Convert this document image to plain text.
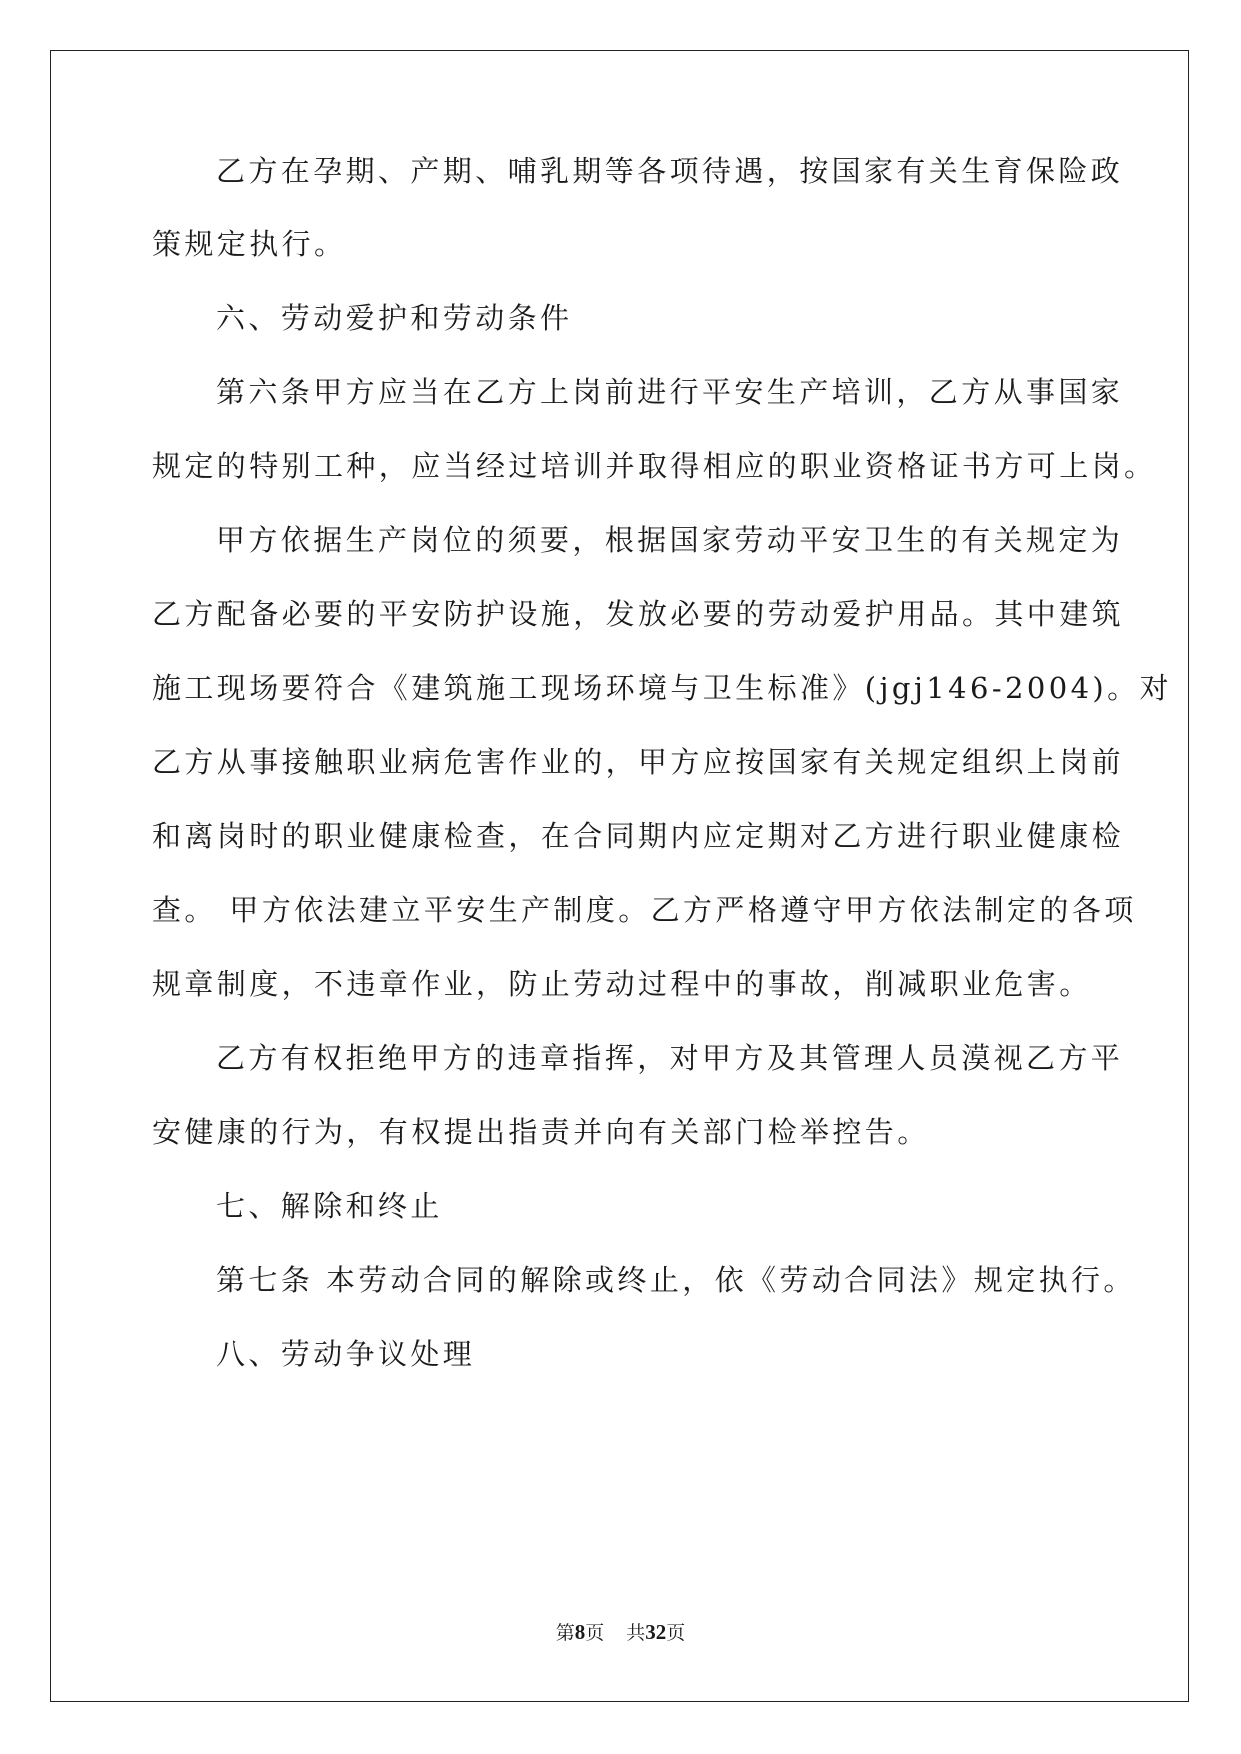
乙方在孕期、产期、哺乳期等各项待遇，按国家有关生育保险政
策规定执行。
六、劳动爱护和劳动条件
第六条甲方应当在乙方上岗前进行平安生产培训，乙方从事国家
规定的特别工种，应当经过培训并取得相应的职业资格证书方可上岗。
甲方依据生产岗位的须要，根据国家劳动平安卫生的有关规定为
乙方配备必要的平安防护设施，发放必要的劳动爱护用品。其中建筑
施工现场要符合《建筑施工现场环境与卫生标准》(jgj146-2004)。对
乙方从事接触职业病危害作业的，甲方应按国家有关规定组织上岗前
和离岗时的职业健康检查，在合同期内应定期对乙方进行职业健康检
查。 甲方依法建立平安生产制度。乙方严格遵守甲方依法制定的各项
规章制度，不违章作业，防止劳动过程中的事故，削减职业危害。
乙方有权拒绝甲方的违章指挥，对甲方及其管理人员漠视乙方平
安健康的行为，有权提出指责并向有关部门检举控告。
七、解除和终止
第七条 本劳动合同的解除或终止，依《劳动合同法》规定执行。
八、劳动争议处理
第8页 共32页
